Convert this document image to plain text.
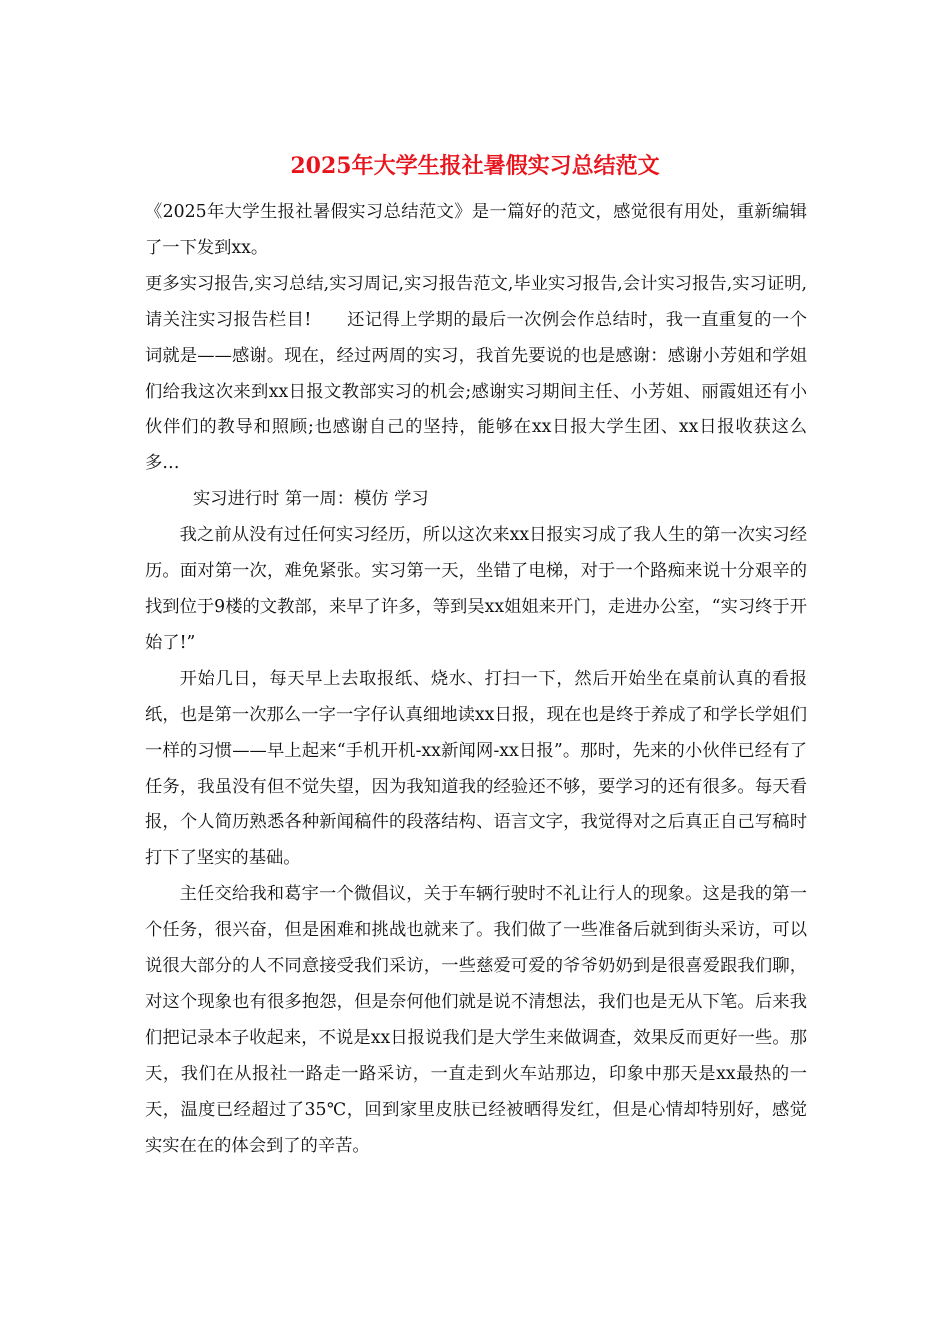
2025年大学生报社暑假实习总结范文

《2025年大学生报社暑假实习总结范文》是一篇好的范文，感觉很有用处，重新编辑了一下发到xx。

更多实习报告,实习总结,实习周记,实习报告范文,毕业实习报告,会计实习报告,实习证明,请关注实习报告栏目!　　还记得上学期的最后一次例会作总结时，我一直重复的一个词就是——感谢。现在，经过两周的实习，我首先要说的也是感谢：感谢小芳姐和学姐们给我这次来到xx日报文教部实习的机会;感谢实习期间主任、小芳姐、丽霞姐还有小伙伴们的教导和照顾;也感谢自己的坚持，能够在xx日报大学生团、xx日报收获这么多…

实习进行时 第一周：模仿 学习

我之前从没有过任何实习经历，所以这次来xx日报实习成了我人生的第一次实习经历。面对第一次，难免紧张。实习第一天，坐错了电梯，对于一个路痴来说十分艰辛的找到位于9楼的文教部，来早了许多，等到吴xx姐姐来开门，走进办公室，“实习终于开始了!”

开始几日，每天早上去取报纸、烧水、打扫一下，然后开始坐在桌前认真的看报纸，也是第一次那么一字一字仔认真细地读xx日报，现在也是终于养成了和学长学姐们一样的习惯——早上起来“手机开机-xx新闻网-xx日报”。那时，先来的小伙伴已经有了任务，我虽没有但不觉失望，因为我知道我的经验还不够，要学习的还有很多。每天看报，个人简历熟悉各种新闻稿件的段落结构、语言文字，我觉得对之后真正自己写稿时打下了坚实的基础。

主任交给我和葛宇一个微倡议，关于车辆行驶时不礼让行人的现象。这是我的第一个任务，很兴奋，但是困难和挑战也就来了。我们做了一些准备后就到街头采访，可以说很大部分的人不同意接受我们采访，一些慈爱可爱的爷爷奶奶到是很喜爱跟我们聊，对这个现象也有很多抱怨，但是奈何他们就是说不清想法，我们也是无从下笔。后来我们把记录本子收起来，不说是xx日报说我们是大学生来做调查，效果反而更好一些。那天，我们在从报社一路走一路采访，一直走到火车站那边，印象中那天是xx最热的一天，温度已经超过了35℃，回到家里皮肤已经被晒得发红，但是心情却特别好，感觉实实在在的体会到了的辛苦。
